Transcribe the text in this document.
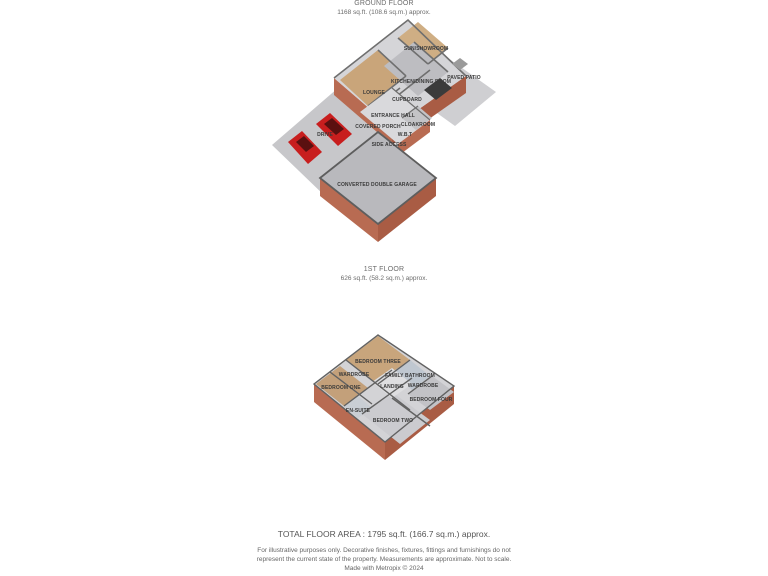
GROUND FLOOR
1168 sq.ft. (108.6 sq.m.) approx.
1ST FLOOR
626 sq.ft. (58.2 sq.m.) approx.
SUN/SHOWROOM
KITCHEN/DINING ROOM
PAVED PATIO
LOUNGE
CUPBOARD
ENTRANCE HALL
CLOAKROOM
W.B.T
COVERED PORCH
DRIVE
SIDE ACCESS
CONVERTED DOUBLE GARAGE
BEDROOM THREE
WARDROBE	FAMILY BATHROOM
BEDROOM ONE	LANDING WARDROBE
BEDROOM FOUR
EN-SUITE
BEDROOM TWO
TOTAL FLOOR AREA : 1795 sq.ft. (166.7 sq.m.) approx.
For illustrative purposes only. Decorative finishes, fixtures, fittings and furnishings do not
represent the current state of the property. Measurements are approximate. Not to scale.
Made with Metropix © 2024
